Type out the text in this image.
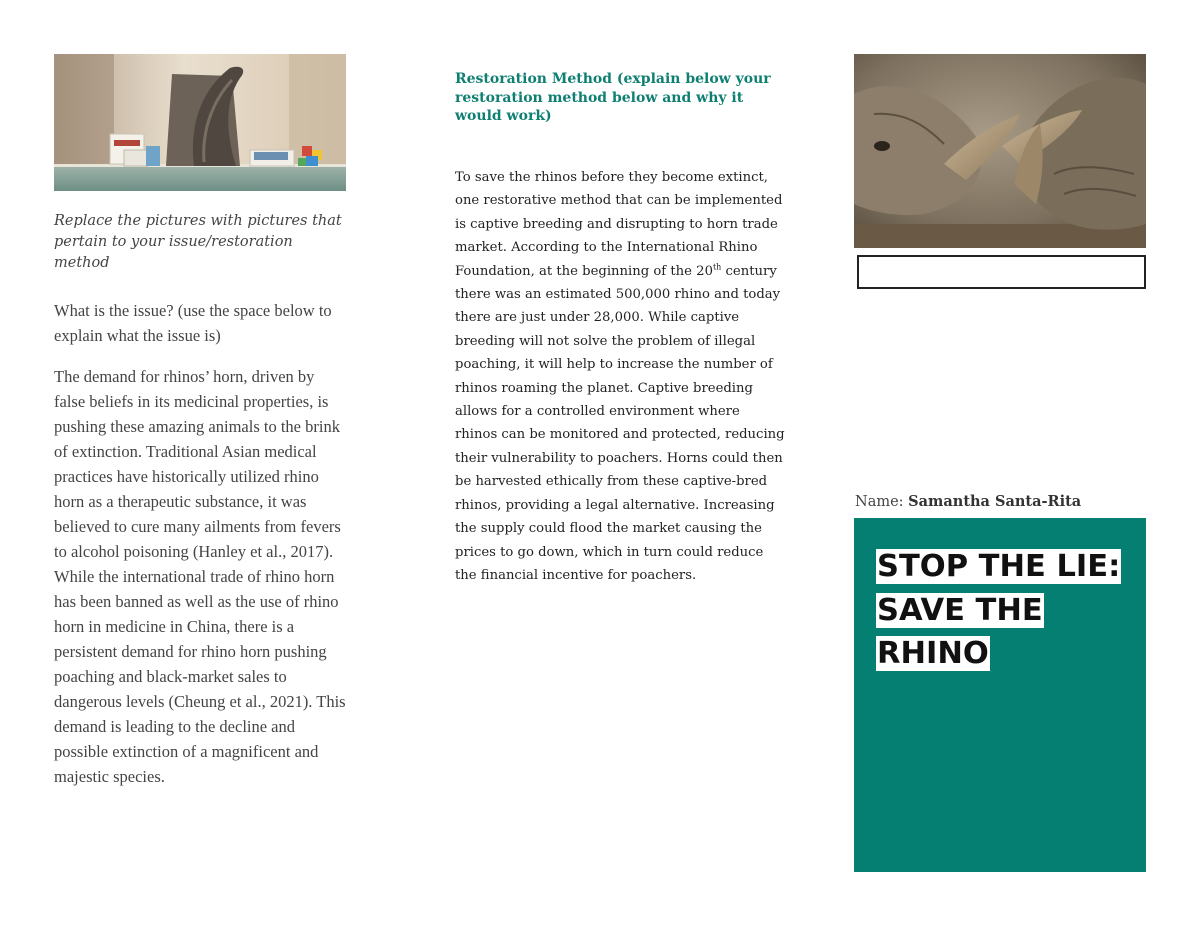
Replace the pictures with pictures that pertain to your issue/restoration method
What is the issue? (use the space below to explain what the issue is)
The demand for rhinos’ horn, driven by false beliefs in its medicinal properties, is pushing these amazing animals to the brink of extinction. Traditional Asian medical practices have historically utilized rhino horn as a therapeutic substance, it was believed to cure many ailments from fevers to alcohol poisoning (Hanley et al., 2017). While the international trade of rhino horn has been banned as well as the use of rhino horn in medicine in China, there is a persistent demand for rhino horn pushing poaching and black-market sales to dangerous levels (Cheung et al., 2021). This demand is leading to the decline and possible extinction of a magnificent and majestic species.
Restoration Method (explain below your restoration method below and why it would work)
To save the rhinos before they become extinct, one restorative method that can be implemented is captive breeding and disrupting to horn trade market. According to the International Rhino Foundation, at the beginning of the 20th century there was an estimated 500,000 rhino and today there are just under 28,000. While captive breeding will not solve the problem of illegal poaching, it will help to increase the number of rhinos roaming the planet. Captive breeding allows for a controlled environment where rhinos can be monitored and protected, reducing their vulnerability to poachers. Horns could then be harvested ethically from these captive-bred rhinos, providing a legal alternative. Increasing the supply could flood the market causing the prices to go down, which in turn could reduce the financial incentive for poachers.
Name: Samantha Santa-Rita
STOP THE LIE: SAVE THE RHINO
